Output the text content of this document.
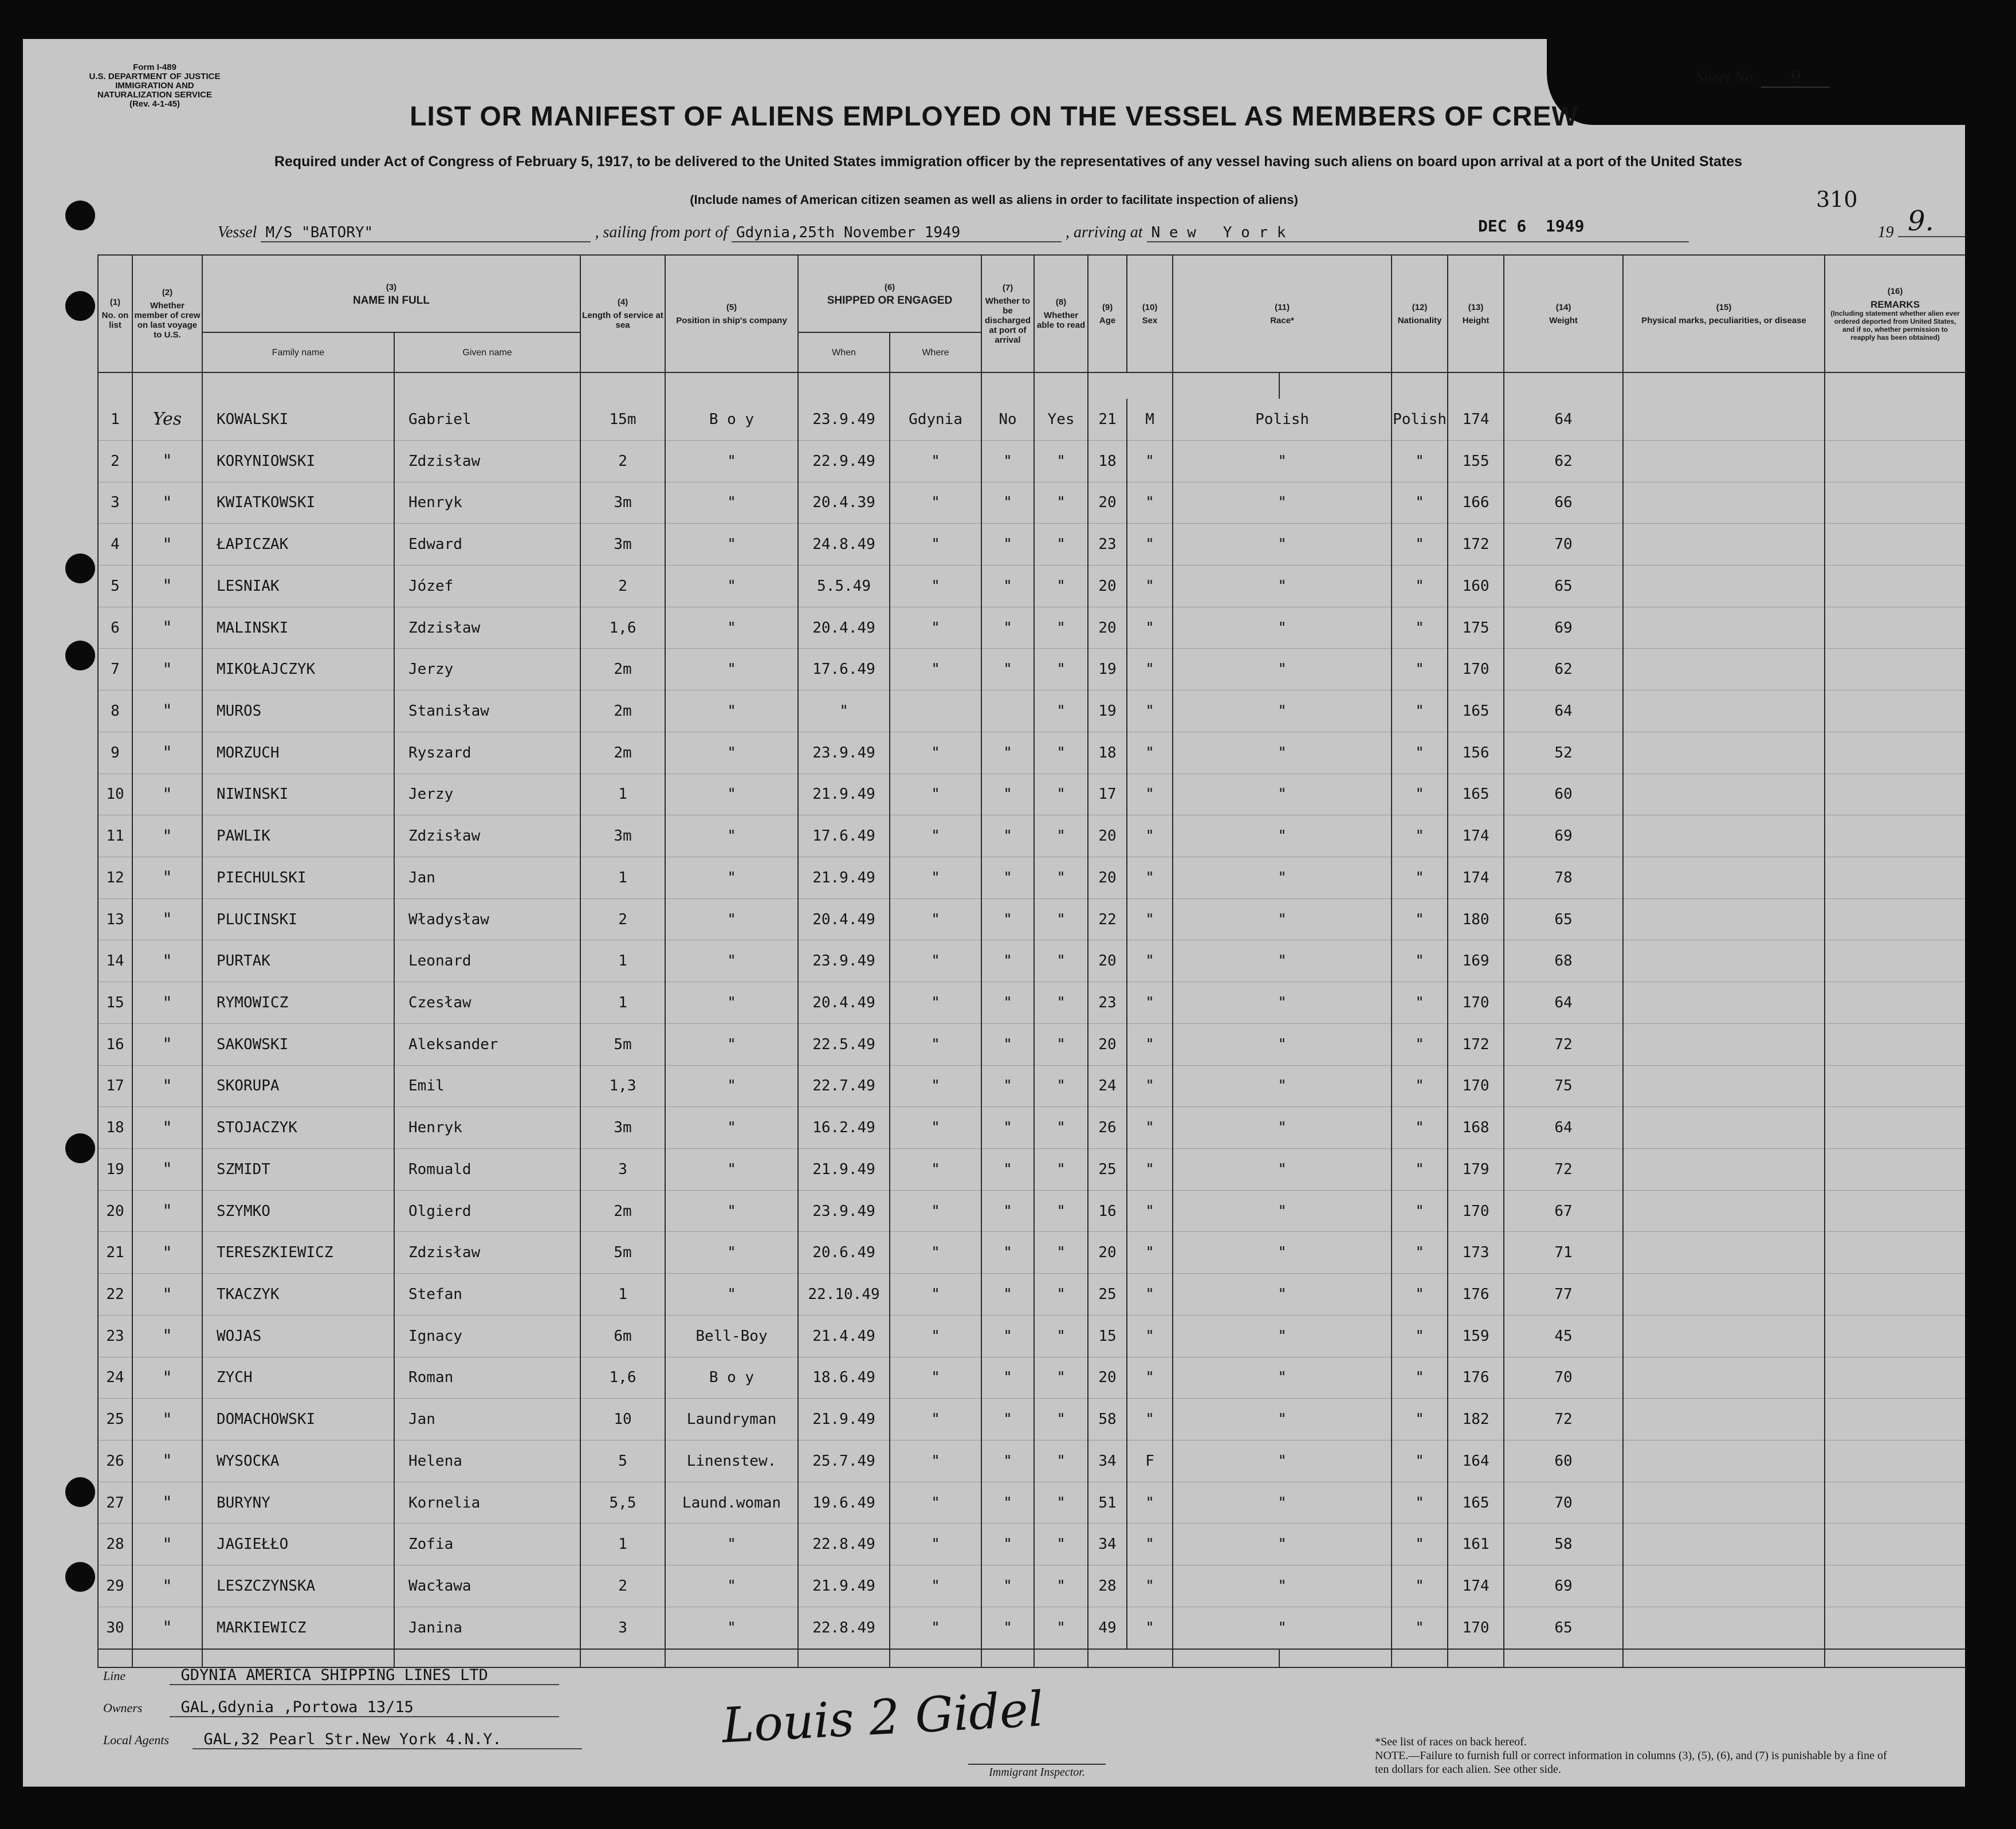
Form I-489
U.S. DEPARTMENT OF JUSTICE
IMMIGRATION AND NATURALIZATION SERVICE
(Rev. 4-1-45)
Sheet No. 9
LIST OR MANIFEST OF ALIENS EMPLOYED ON THE VESSEL AS MEMBERS OF CREW
Required under Act of Congress of February 5, 1917, to be delivered to the United States immigration officer by the representatives of any vessel having such aliens on board upon arrival at a port of the United States
(Include names of American citizen seamen as well as aliens in order to facilitate inspection of aliens)	310
9.
Vessel M/S "BATORY"	, sailing from port of Gdynia,25th November 1949	, arriving at N e w   Y o r k	19
DEC 6  1949
(1)
No. on list	(2)
Whether member of crew on last voyage to U.S.	(3)
NAME IN FULL		(4)
Length of service at sea	(5)
Position in ship's company	(6)
SHIPPED OR ENGAGED		(7)
Whether to be discharged at port of arrival	(8)
Whether able to read	(9)
Age	(10)
Sex	(11)
Race*		(12)
Nationality	(13)
Height	(14)
Weight	(15)
Physical marks, peculiarities, or disease	(16)
REMARKS
(Including statement whether alien ever ordered deported from United States, and if so, whether permission to reapply has been obtained)

		Family name	Given name			When	Where												

1	Yes	KOWALSKI	Gabriel	15m	B o y	23.9.49	Gdynia	No	Yes	21	M	Polish		Polish	174	64			
2	"	KORYNIOWSKI	Zdzisław	2	"	22.9.49	"	"	"	18	"	"		"	155	62			
3	"	KWIATKOWSKI	Henryk	3m	"	20.4.39	"	"	"	20	"	"		"	166	66			
4	"	ŁAPICZAK	Edward	3m	"	24.8.49	"	"	"	23	"	"		"	172	70			
5	"	LESNIAK	Józef	2	"	5.5.49	"	"	"	20	"	"		"	160	65			
6	"	MALINSKI	Zdzisław	1,6	"	20.4.49	"	"	"	20	"	"		"	175	69			
7	"	MIKOŁAJCZYK	Jerzy	2m	"	17.6.49	"	"	"	19	"	"		"	170	62			
8	"	MUROS	Stanisław	2m	"	"			"	19	"	"		"	165	64			
9	"	MORZUCH	Ryszard	2m	"	23.9.49	"	"	"	18	"	"		"	156	52			
10	"	NIWINSKI	Jerzy	1	"	21.9.49	"	"	"	17	"	"		"	165	60			
11	"	PAWLIK	Zdzisław	3m	"	17.6.49	"	"	"	20	"	"		"	174	69			
12	"	PIECHULSKI	Jan	1	"	21.9.49	"	"	"	20	"	"		"	174	78			
13	"	PLUCINSKI	Władysław	2	"	20.4.49	"	"	"	22	"	"		"	180	65			
14	"	PURTAK	Leonard	1	"	23.9.49	"	"	"	20	"	"		"	169	68			
15	"	RYMOWICZ	Czesław	1	"	20.4.49	"	"	"	23	"	"		"	170	64			
16	"	SAKOWSKI	Aleksander	5m	"	22.5.49	"	"	"	20	"	"		"	172	72			
17	"	SKORUPA	Emil	1,3	"	22.7.49	"	"	"	24	"	"		"	170	75			
18	"	STOJACZYK	Henryk	3m	"	16.2.49	"	"	"	26	"	"		"	168	64			
19	"	SZMIDT	Romuald	3	"	21.9.49	"	"	"	25	"	"		"	179	72			
20	"	SZYMKO	Olgierd	2m	"	23.9.49	"	"	"	16	"	"		"	170	67			
21	"	TERESZKIEWICZ	Zdzisław	5m	"	20.6.49	"	"	"	20	"	"		"	173	71			
22	"	TKACZYK	Stefan	1	"	22.10.49	"	"	"	25	"	"		"	176	77			
23	"	WOJAS	Ignacy	6m	Bell-Boy	21.4.49	"	"	"	15	"	"		"	159	45			
24	"	ZYCH	Roman	1,6	B o y	18.6.49	"	"	"	20	"	"		"	176	70			
25	"	DOMACHOWSKI	Jan	10	Laundryman	21.9.49	"	"	"	58	"	"		"	182	72			
26	"	WYSOCKA	Helena	5	Linenstew.	25.7.49	"	"	"	34	F	"		"	164	60			
27	"	BURYNY	Kornelia	5,5	Laund.woman	19.6.49	"	"	"	51	"	"		"	165	70			
28	"	JAGIEŁŁO	Zofia	1	"	22.8.49	"	"	"	34	"	"		"	161	58			
29	"	LESZCZYNSKA	Wacława	2	"	21.9.49	"	"	"	28	"	"		"	174	69			
30	"	MARKIEWICZ	Janina	3	"	22.8.49	"	"	"	49	"	"		"	170	65			

Line	GDYNIA AMERICA SHIPPING LINES LTD
Owners GAL,Gdynia ,Portowa 13/15
Local Agents GAL,32 Pearl Str.New York 4.N.Y.	Louis 2 Gidel
Immigrant Inspector.
*See list of races on back hereof.
NOTE.—Failure to furnish full or correct information in columns (3), (5), (6), and (7) is punishable by a fine of ten dollars for each alien. See other side.
